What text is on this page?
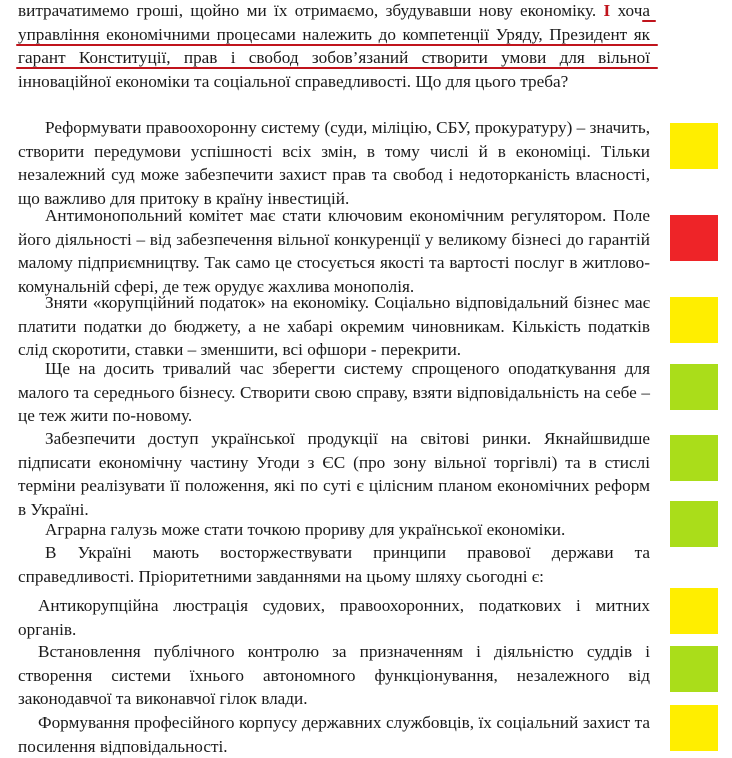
витрачатимемо гроші, щойно ми їх отримаємо, збудувавши нову економіку. І хоча управління економічними процесами належить до компетенції Уряду, Президент як гарант Конституції, прав і свобод зобов’язаний створити умови для вільної інноваційної економіки та соціальної справедливості. Що для цього треба?

Реформувати правоохоронну систему (суди, міліцію, СБУ, прокуратуру) – значить, створити передумови успішності всіх змін, в тому числі й в економіці. Тільки незалежний суд може забезпечити захист прав та свобод і недоторканість власності, що важливо для притоку в країну інвестицій.

Антимонопольний комітет має стати ключовим економічним регулятором. Поле його діяльності – від забезпечення вільної конкуренції у великому бізнесі до гарантій малому підприємництву. Так само це стосується якості та вартості послуг в житлово-комунальній сфері, де теж орудує жахлива монополія.

Зняти «корупційний податок» на економіку. Соціально відповідальний бізнес має платити податки до бюджету, а не хабарі окремим чиновникам. Кількість податків слід скоротити, ставки – зменшити, всі офшори - перекрити.

Ще на досить тривалий час зберегти систему спрощеного оподаткування для малого та середнього бізнесу. Створити свою справу, взяти відповідальність на себе – це теж жити по-новому.

Забезпечити доступ української продукції на світові ринки. Якнайшвидше підписати економічну частину Угоди з ЄС (про зону вільної торгівлі) та в стислі терміни реалізувати її положення, які по суті є цілісним планом економічних реформ в Україні.

Аграрна галузь може стати точкою прориву для української економіки.

В Україні мають восторжествувати принципи правової держави та справедливості. Пріоритетними завданнями на цьому шляху сьогодні є:

Антикорупційна люстрація судових, правоохоронних, податкових і митних органів.

Встановлення публічного контролю за призначенням і діяльністю суддів і створення системи їхнього автономного функціонування, незалежного від законодавчої та виконавчої гілок влади.

Формування професійного корпусу державних службовців, їх соціальний захист та посилення відповідальності.
